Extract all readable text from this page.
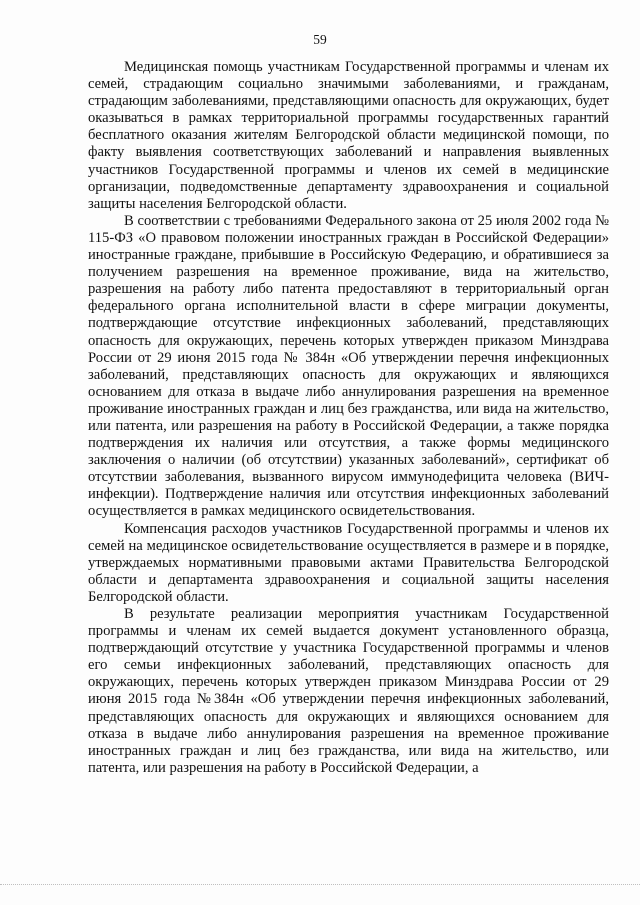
59

Медицинская помощь участникам Государственной программы и членам их семей, страдающим социально значимыми заболеваниями, и гражданам, страдающим заболеваниями, представляющими опасность для окружающих, будет оказываться в рамках территориальной программы государственных гарантий бесплатного оказания жителям Белгородской области медицинской помощи, по факту выявления соответствующих заболеваний и направления выявленных участников Государственной программы и членов их семей в медицинские организации, подведомственные департаменту здравоохранения и социальной защиты населения Белгородской области.

В соответствии с требованиями Федерального закона от 25 июля 2002 года № 115-ФЗ «О правовом положении иностранных граждан в Российской Федерации» иностранные граждане, прибывшие в Российскую Федерацию, и обратившиеся за получением разрешения на временное проживание, вида на жительство, разрешения на работу либо патента предоставляют в территориальный орган федерального органа исполнительной власти в сфере миграции документы, подтверждающие отсутствие инфекционных заболеваний, представляющих опасность для окружающих, перечень которых утвержден приказом Минздрава России от 29 июня 2015 года № 384н «Об утверждении перечня инфекционных заболеваний, представляющих опасность для окружающих и являющихся основанием для отказа в выдаче либо аннулирования разрешения на временное проживание иностранных граждан и лиц без гражданства, или вида на жительство, или патента, или разрешения на работу в Российской Федерации, а также порядка подтверждения их наличия или отсутствия, а также формы медицинского заключения о наличии (об отсутствии) указанных заболеваний», сертификат об отсутствии заболевания, вызванного вирусом иммунодефицита человека (ВИЧ-инфекции). Подтверждение наличия или отсутствия инфекционных заболеваний осуществляется в рамках медицинского освидетельствования.

Компенсация расходов участников Государственной программы и членов их семей на медицинское освидетельствование осуществляется в размере и в порядке, утверждаемых нормативными правовыми актами Правительства Белгородской области и департамента здравоохранения и социальной защиты населения Белгородской области.

В результате реализации мероприятия участникам Государственной программы и членам их семей выдается документ установленного образца, подтверждающий отсутствие у участника Государственной программы и членов его семьи инфекционных заболеваний, представляющих опасность для окружающих, перечень которых утвержден приказом Минздрава России от 29 июня 2015 года №384н «Об утверждении перечня инфекционных заболеваний, представляющих опасность для окружающих и являющихся основанием для отказа в выдаче либо аннулирования разрешения на временное проживание иностранных граждан и лиц без гражданства, или вида на жительство, или патента, или разрешения на работу в Российской Федерации, а
